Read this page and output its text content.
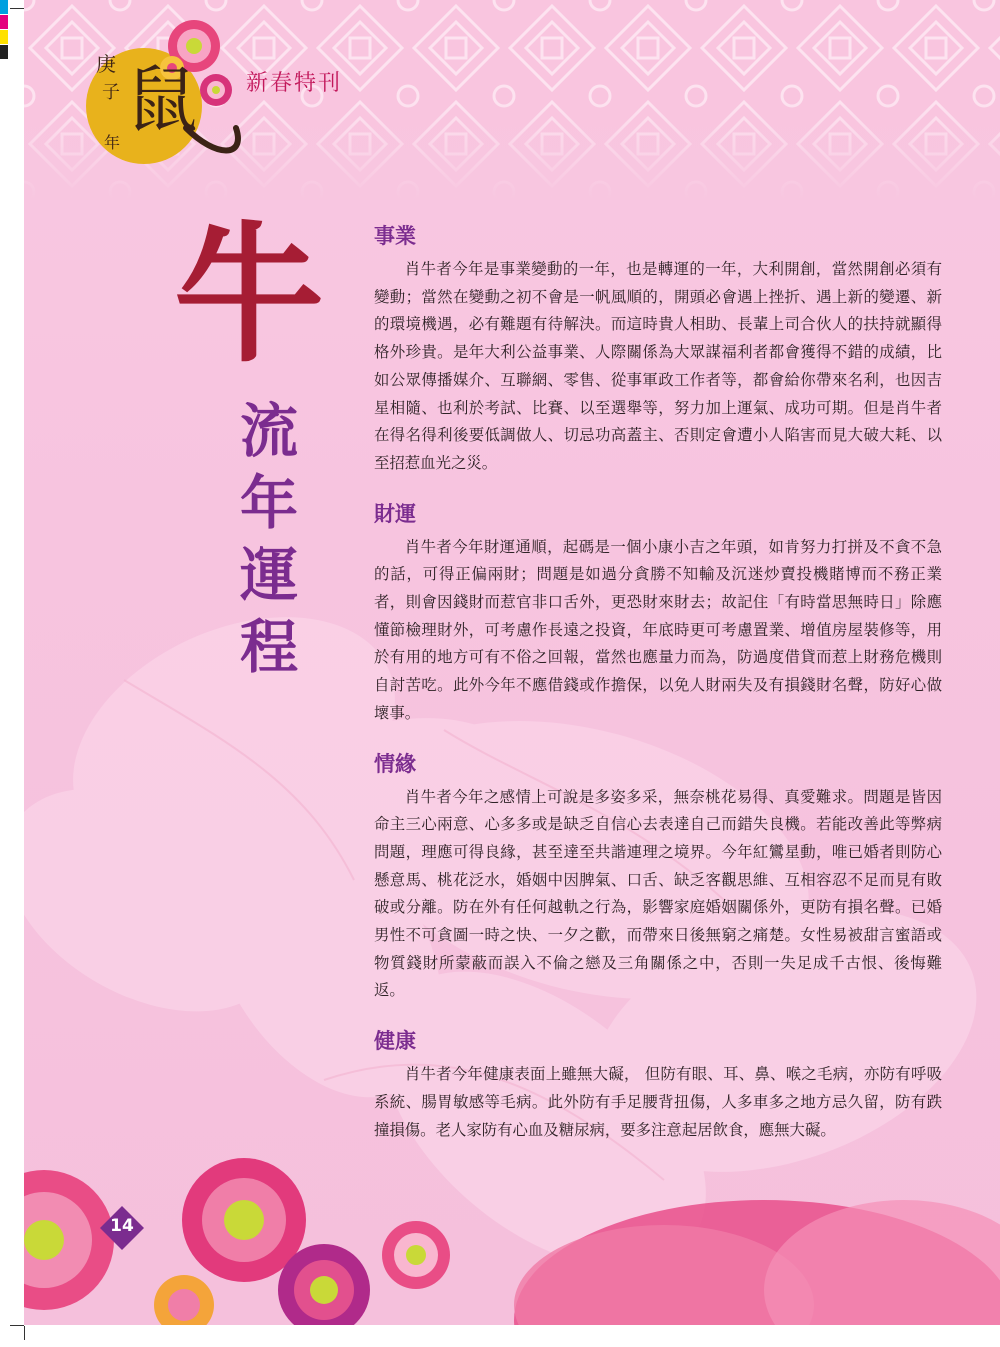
庚
子
年
鼠 新春特刊
牛
流
年
運
程
事業

肖牛者今年是事業變動的一年，也是轉運的一年，大利開創，當然開創必須有變動；當然在變動之初不會是一帆風順的，開頭必會遇上挫折、遇上新的變遷、新的環境機遇，必有難題有待解決。而這時貴人相助、長輩上司合伙人的扶持就顯得格外珍貴。是年大利公益事業、人際關係為大眾謀福利者都會獲得不錯的成績，比如公眾傳播媒介、互聯網、零售、從事軍政工作者等，都會給你帶來名利，也因吉星相隨、也利於考試、比賽、以至選舉等，努力加上運氣、成功可期。但是肖牛者在得名得利後要低調做人、切忌功高蓋主、否則定會遭小人陷害而見大破大耗、以至招惹血光之災。

財運

肖牛者今年財運通順，起碼是一個小康小吉之年頭，如肯努力打拼及不貪不急的話，可得正偏兩財；問題是如過分貪勝不知輸及沉迷炒賣投機賭博而不務正業者，則會因錢財而惹官非口舌外，更恐財來財去；故記住「有時當思無時日」除應懂節檢理財外，可考慮作長遠之投資，年底時更可考慮置業、增值房屋裝修等，用於有用的地方可有不俗之回報，當然也應量力而為，防過度借貸而惹上財務危機則自討苦吃。此外今年不應借錢或作擔保，以免人財兩失及有損錢財名聲，防好心做壞事。

情緣

肖牛者今年之感情上可說是多姿多采，無奈桃花易得、真愛難求。問題是皆因命主三心兩意、心多多或是缺乏自信心去表達自己而錯失良機。若能改善此等弊病問題，理應可得良緣，甚至達至共諧連理之境界。今年紅鸞星動，唯已婚者則防心懸意馬、桃花泛水，婚姻中因脾氣、口舌、缺乏客觀思維、互相容忍不足而見有敗破或分離。防在外有任何越軌之行為，影響家庭婚姻關係外，更防有損名聲。已婚男性不可貪圖一時之快、一夕之歡，而帶來日後無窮之痛楚。女性易被甜言蜜語或物質錢財所蒙蔽而誤入不倫之戀及三角關係之中，否則一失足成千古恨、後悔難返。

健康

肖牛者今年健康表面上雖無大礙， 但防有眼、耳、鼻、喉之毛病，亦防有呼吸系統、腸胃敏感等毛病。此外防有手足腰背扭傷，人多車多之地方忌久留，防有跌撞損傷。老人家防有心血及糖尿病，要多注意起居飲食，應無大礙。

14
